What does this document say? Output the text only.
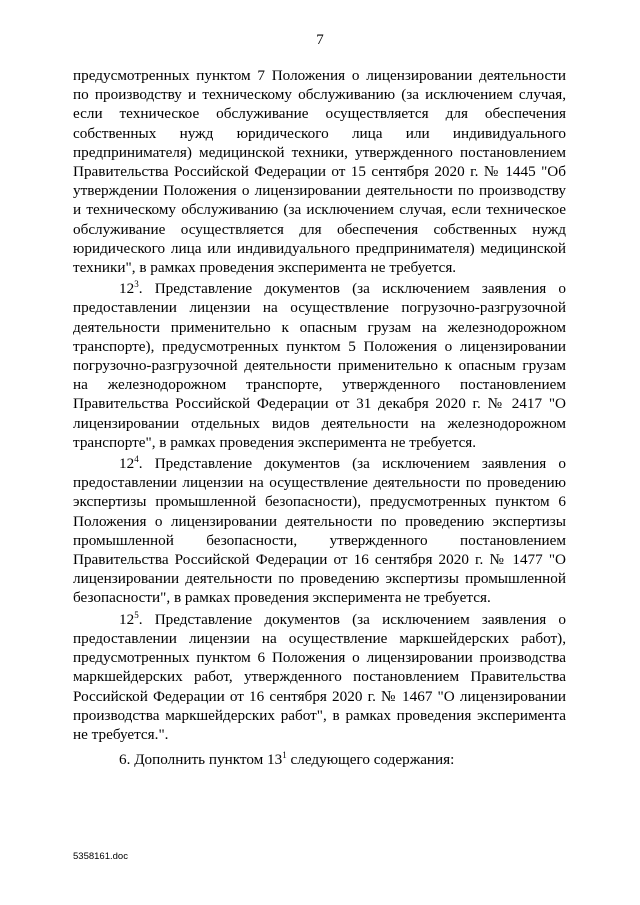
7

предусмотренных пунктом 7 Положения о лицензировании деятельности по производству и техническому обслуживанию (за исключением случая, если техническое обслуживание осуществляется для обеспечения собственных нужд юридического лица или индивидуального предпринимателя) медицинской техники, утвержденного постановлением Правительства Российской Федерации от 15 сентября 2020 г. № 1445 "Об утверждении Положения о лицензировании деятельности по производству и техническому обслуживанию (за исключением случая, если техническое обслуживание осуществляется для обеспечения собственных нужд юридического лица или индивидуального предпринимателя) медицинской техники", в рамках проведения эксперимента не требуется.

$12^3$. Представление документов (за исключением заявления о предоставлении лицензии на осуществление погрузочно-разгрузочной деятельности применительно к опасным грузам на железнодорожном транспорте), предусмотренных пунктом 5 Положения о лицензировании погрузочно-разгрузочной деятельности применительно к опасным грузам на железнодорожном транспорте, утвержденного постановлением Правительства Российской Федерации от 31 декабря 2020 г. № 2417 "О лицензировании отдельных видов деятельности на железнодорожном транспорте", в рамках проведения эксперимента не требуется.

$12^4$. Представление документов (за исключением заявления о предоставлении лицензии на осуществление деятельности по проведению экспертизы промышленной безопасности), предусмотренных пунктом 6 Положения о лицензировании деятельности по проведению экспертизы промышленной безопасности, утвержденного постановлением Правительства Российской Федерации от 16 сентября 2020 г. № 1477 "О лицензировании деятельности по проведению экспертизы промышленной безопасности", в рамках проведения эксперимента не требуется.

$12^5$. Представление документов (за исключением заявления о предоставлении лицензии на осуществление маркшейдерских работ), предусмотренных пунктом 6 Положения о лицензировании производства маркшейдерских работ, утвержденного постановлением Правительства Российской Федерации от 16 сентября 2020 г. № 1467 "О лицензировании производства маркшейдерских работ", в рамках проведения эксперимента не требуется.".

6. Дополнить пунктом $13^1$ следующего содержания:

5358161.doc
